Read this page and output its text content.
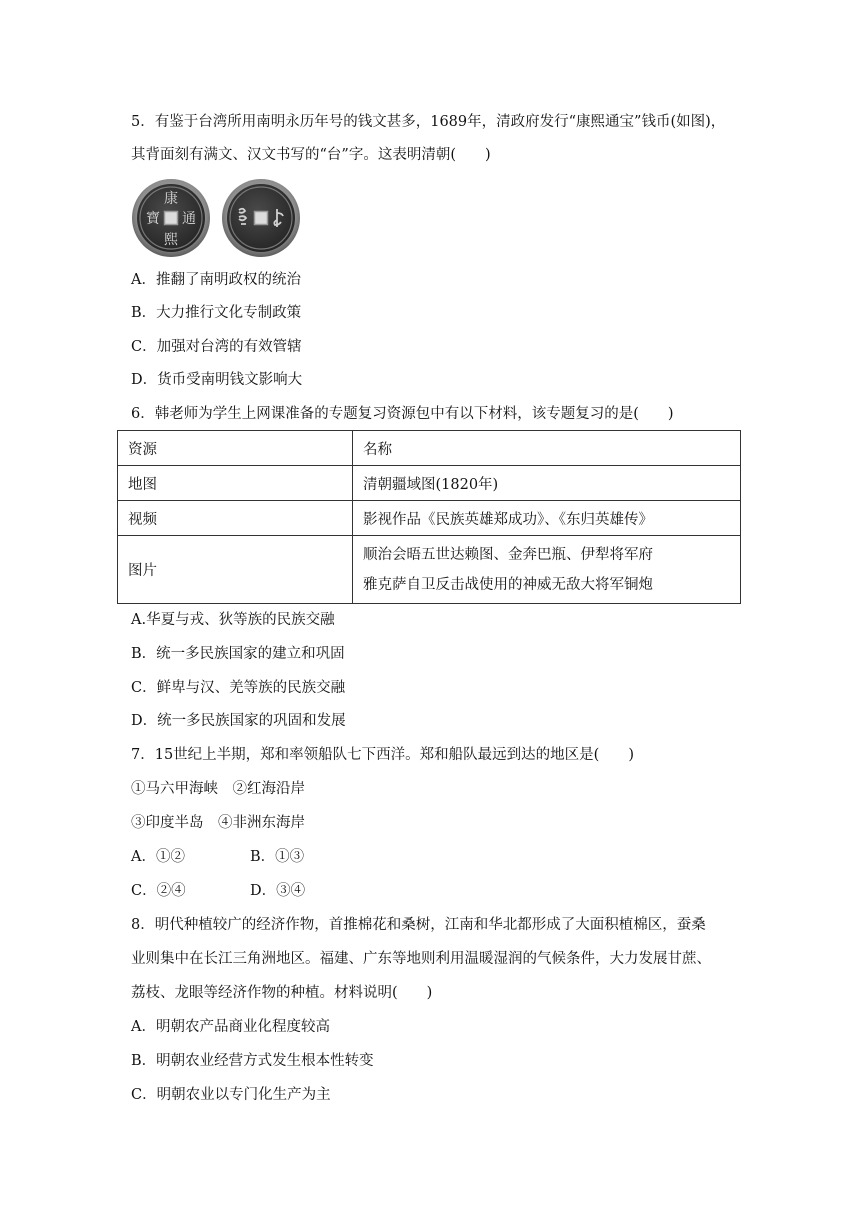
5．有鉴于台湾所用南明永历年号的钱文甚多，1689年，清政府发行“康熙通宝”钱币(如图)，
其背面刻有满文、汉文书写的“台”字。这表明清朝(　　)
康
通
熙
寶
A．推翻了南明政权的统治
B．大力推行文化专制政策
C．加强对台湾的有效管辖
D．货币受南明钱文影响大
6．韩老师为学生上网课准备的专题复习资源包中有以下材料，该专题复习的是(　　)
资源	名称
地图	清朝疆域图(1820年)
视频	影视作品《民族英雄郑成功》、《东归英雄传》
图片	顺治会晤五世达赖图、金奔巴瓶、伊犁将军府
雅克萨自卫反击战使用的神威无敌大将军铜炮
A.华夏与戎、狄等族的民族交融
B．统一多民族国家的建立和巩固
C．鲜卑与汉、羌等族的民族交融
D．统一多民族国家的巩固和发展
7．15世纪上半期，郑和率领船队七下西洋。郑和船队最远到达的地区是(　　)
①马六甲海峡　②红海沿岸
③印度半岛　④非洲东海岸
A．①②	B．①③
C．②④	D．③④
8．明代种植较广的经济作物，首推棉花和桑树，江南和华北都形成了大面积植棉区，蚕桑
业则集中在长江三角洲地区。福建、广东等地则利用温暖湿润的气候条件，大力发展甘蔗、
荔枝、龙眼等经济作物的种植。材料说明(　　)
A．明朝农产品商业化程度较高
B．明朝农业经营方式发生根本性转变
C．明朝农业以专门化生产为主
